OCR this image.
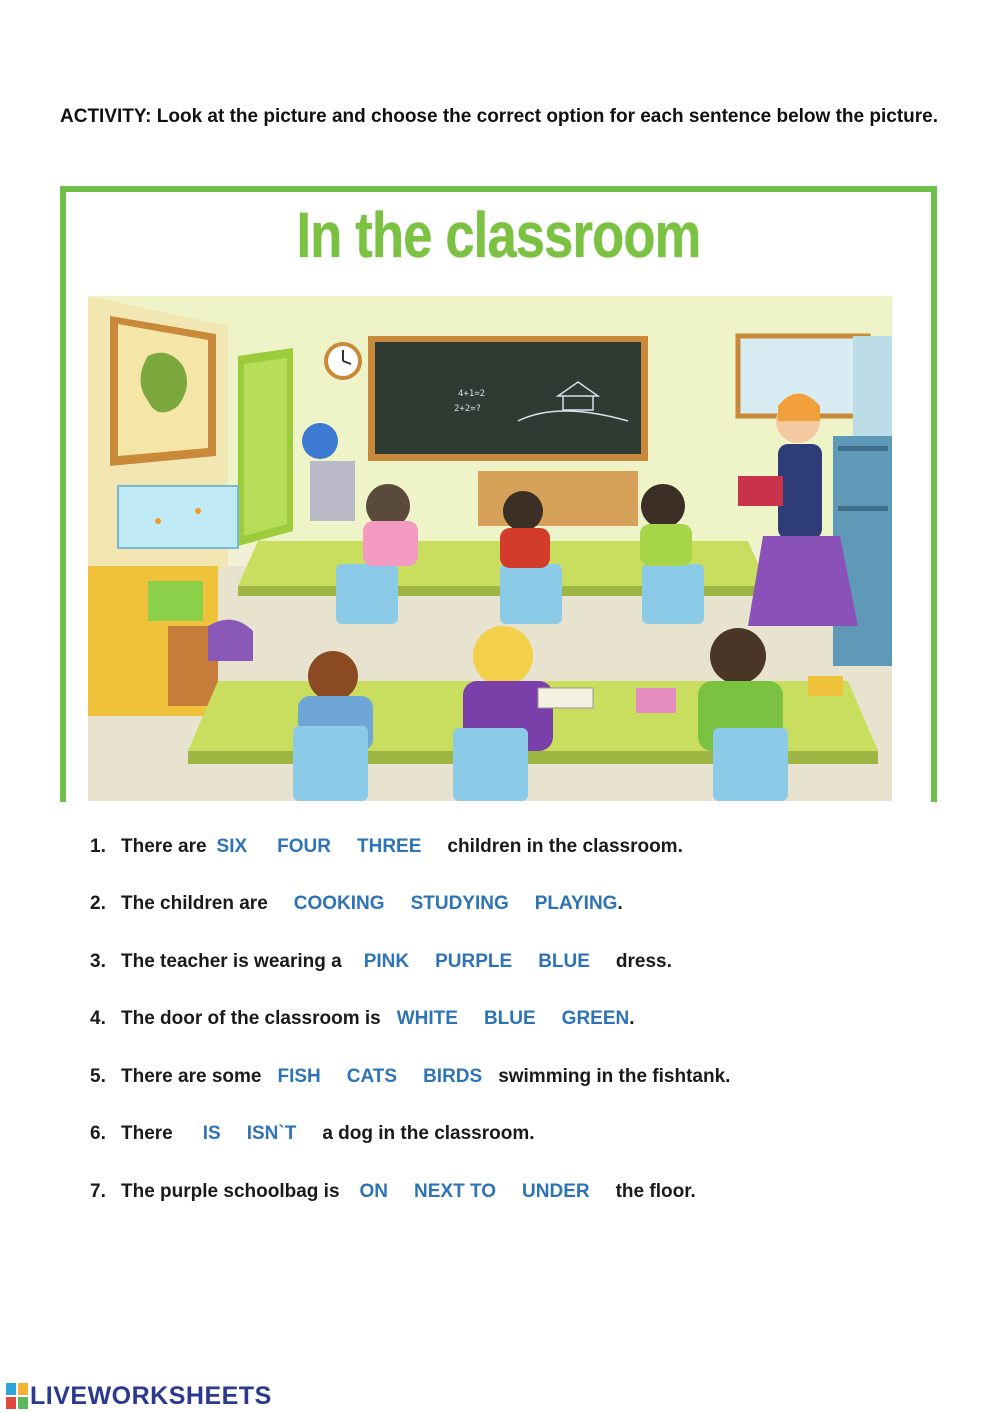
ACTIVITY: Look at the picture and choose the correct option for each sentence below the picture.
In the classroom
4+1=2
2+2=?
1. There are SIX FOUR THREE children in the classroom.
2. The children are COOKING STUDYING PLAYING .
3. The teacher is wearing a PINK PURPLE BLUE dress.
4. The door of the classroom is WHITE BLUE GREEN .
5. There are some FISH CATS BIRDS swimming in the fishtank.
6. There IS ISN`T a dog in the classroom.
7. The purple schoolbag is ON NEXT TO UNDER the floor.
LIVEWORKSHEETS
